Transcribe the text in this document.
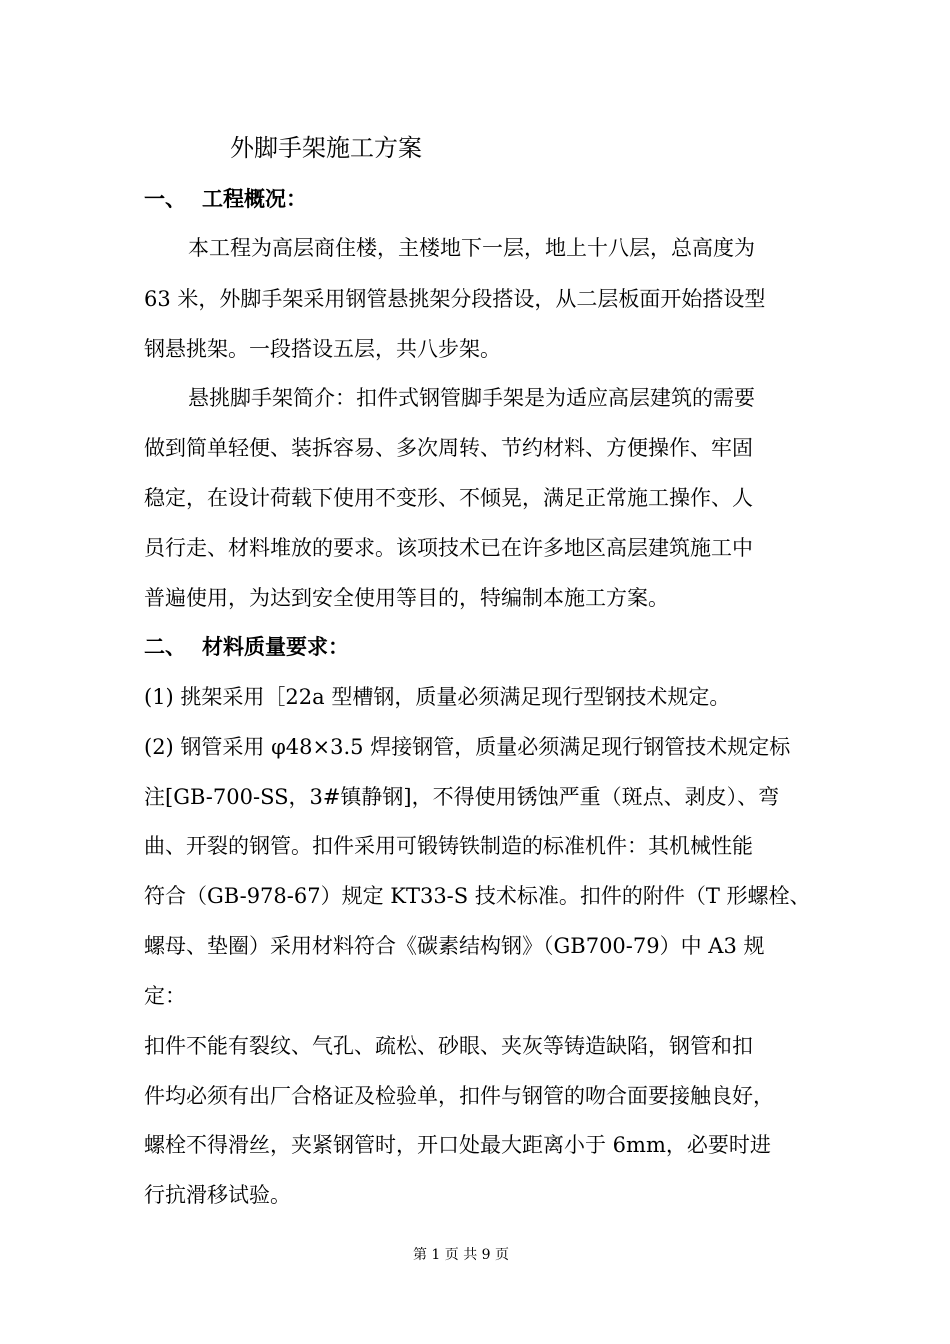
外脚手架施工方案
一、 工程概况：
本工程为高层商住楼，主楼地下一层，地上十八层，总高度为
63 米，外脚手架采用钢管悬挑架分段搭设，从二层板面开始搭设型
钢悬挑架。一段搭设五层，共八步架。
悬挑脚手架简介：扣件式钢管脚手架是为适应高层建筑的需要
做到简单轻便、装拆容易、多次周转、节约材料、方便操作、牢固
稳定，在设计荷载下使用不变形、不倾晃，满足正常施工操作、人
员行走、材料堆放的要求。该项技术已在许多地区高层建筑施工中
普遍使用，为达到安全使用等目的，特编制本施工方案。
二、 材料质量要求：
(1) 挑架采用［22a 型槽钢，质量必须满足现行型钢技术规定。
(2) 钢管采用 φ48×3.5 焊接钢管，质量必须满足现行钢管技术规定标
注[GB-700-SS，3#镇静钢]，不得使用锈蚀严重（斑点、剥皮）、弯
曲、开裂的钢管。扣件采用可锻铸铁制造的标准机件：其机械性能
符合（GB-978-67）规定 KT33-S 技术标准。扣件的附件（T 形螺栓、
螺母、垫圈）采用材料符合《碳素结构钢》（GB700-79）中 A3 规
定：
扣件不能有裂纹、气孔、疏松、砂眼、夹灰等铸造缺陷，钢管和扣
件均必须有出厂合格证及检验单，扣件与钢管的吻合面要接触良好，
螺栓不得滑丝，夹紧钢管时，开口处最大距离小于 6mm，必要时进
行抗滑移试验。
第 1 页 共 9 页
